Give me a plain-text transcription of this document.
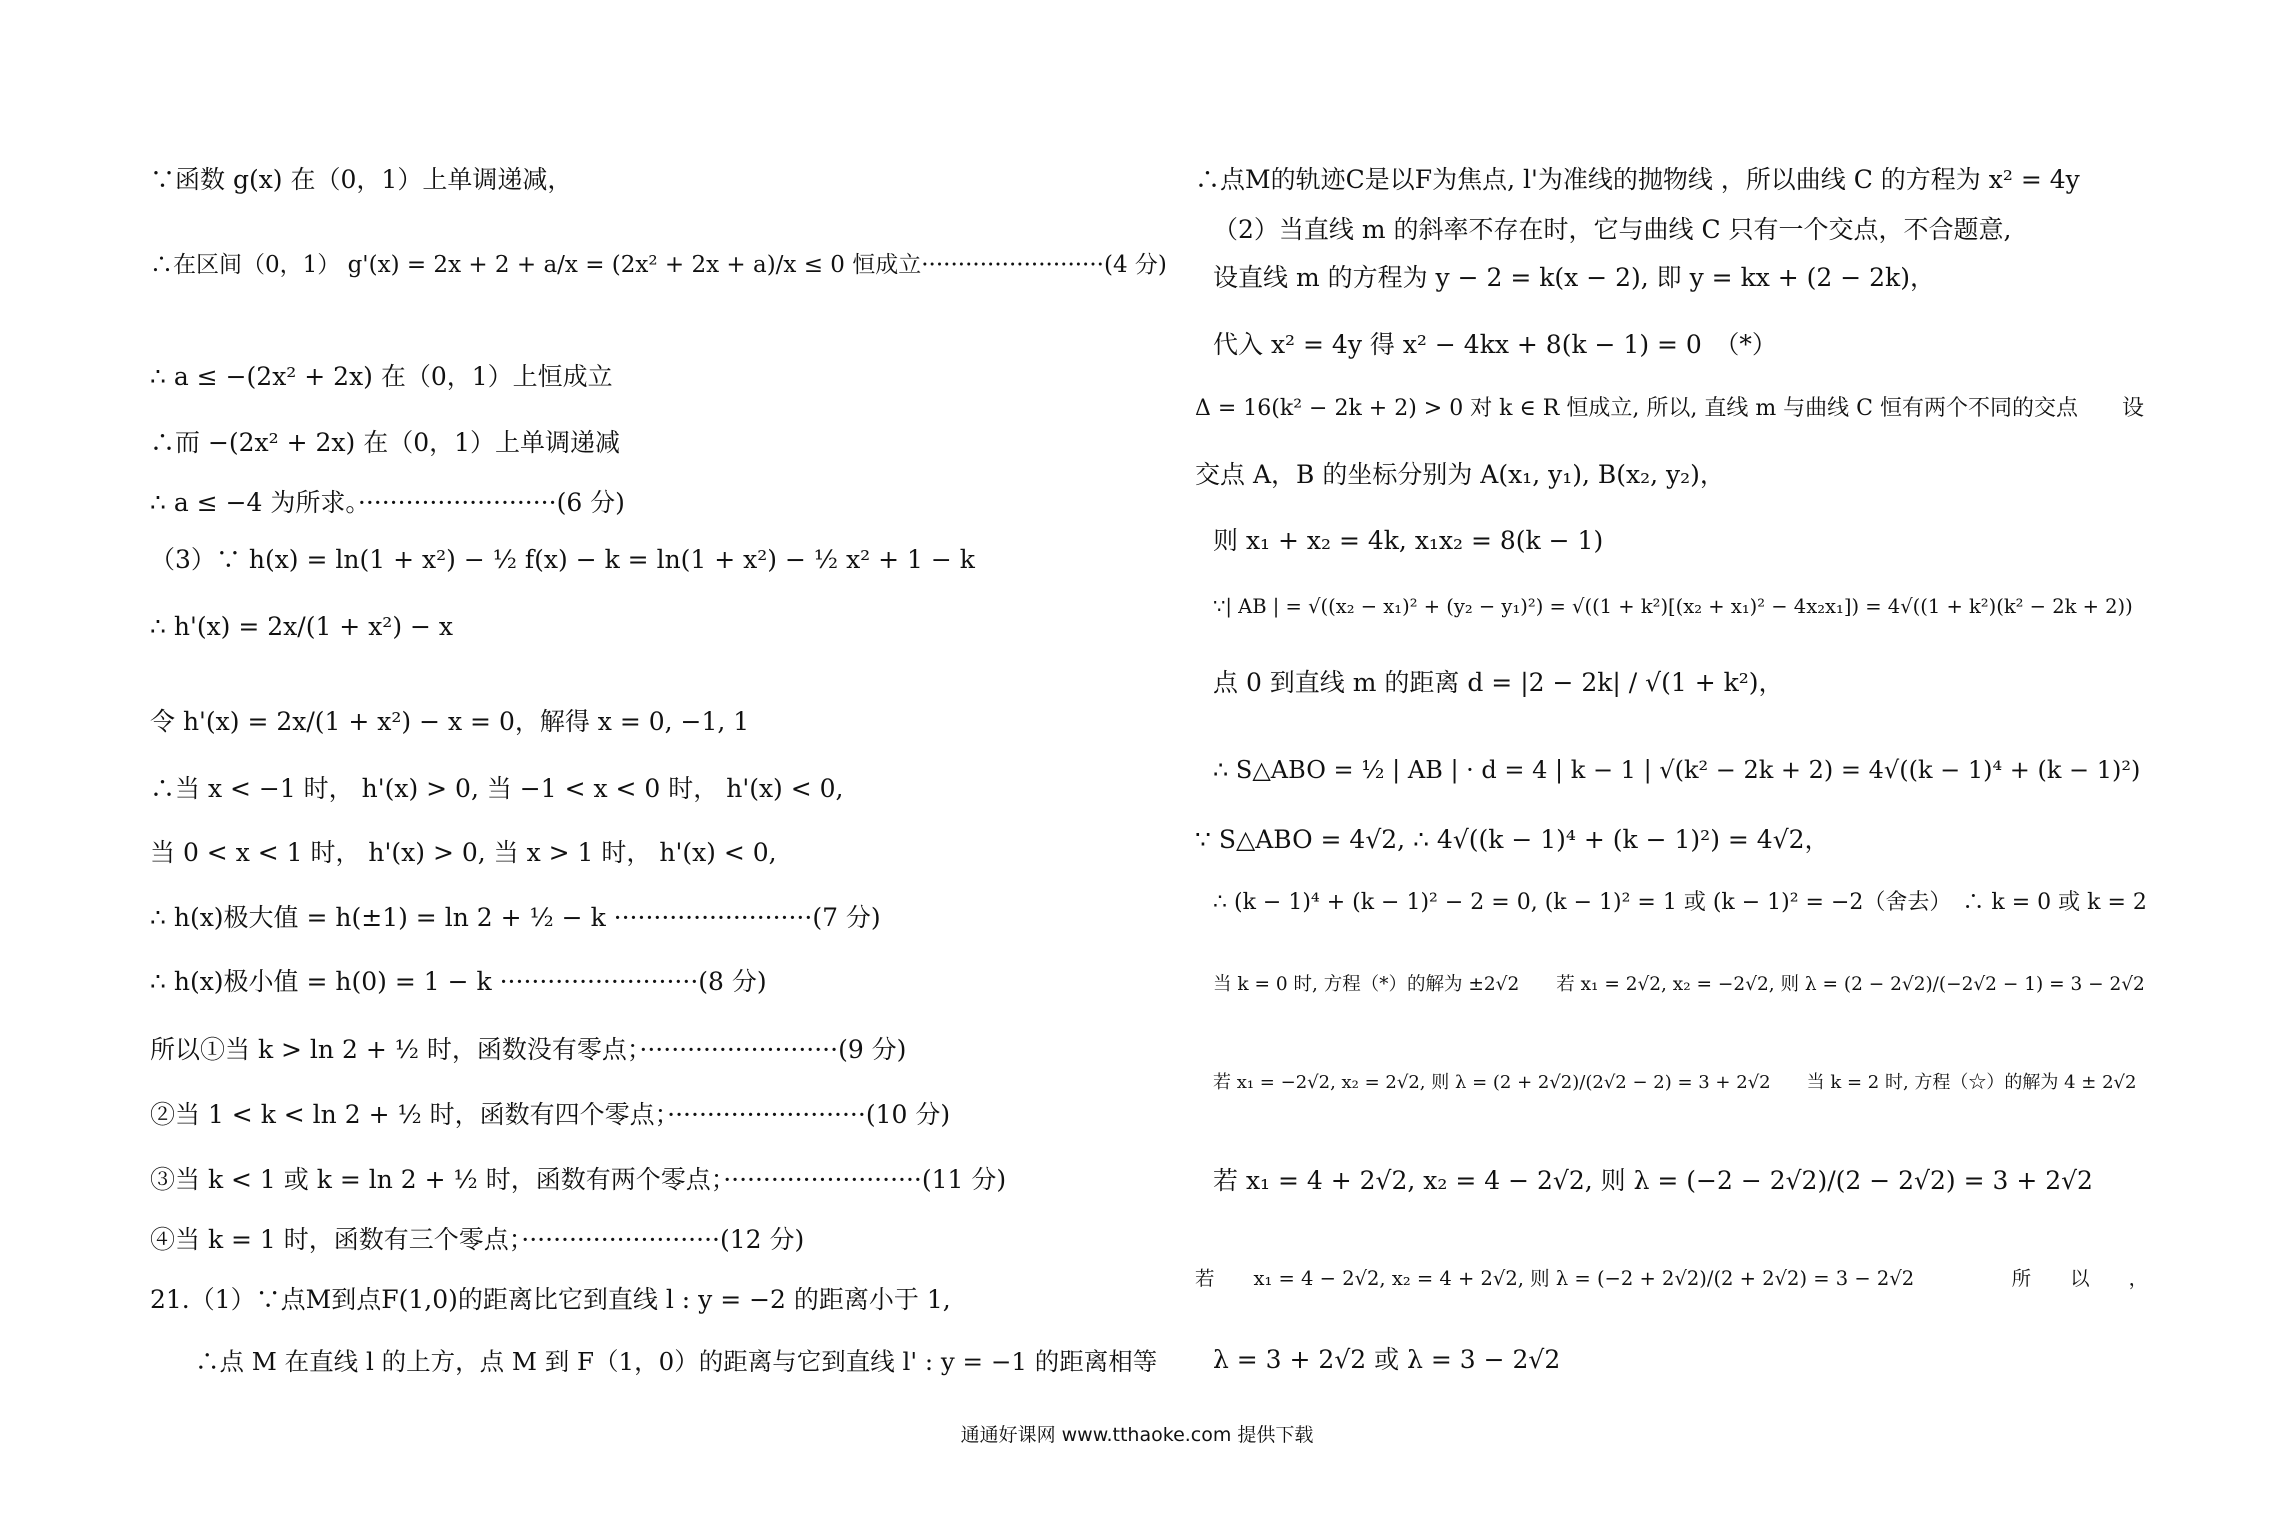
∵函数 g(x) 在（0，1）上单调递减，
∴在区间（0，1） g'(x) = 2x + 2 + a/x = (2x² + 2x + a)/x ≤ 0 恒成立·························(4 分)
∴ a ≤ −(2x² + 2x) 在（0，1）上恒成立
∴而 −(2x² + 2x) 在（0，1）上单调递减
∴ a ≤ −4 为所求。·························(6 分)
（3）∵ h(x) = ln(1 + x²) − ½ f(x) − k = ln(1 + x²) − ½ x² + 1 − k
∴ h'(x) = 2x/(1 + x²) − x
令 h'(x) = 2x/(1 + x²) − x = 0，解得 x = 0, −1, 1
∴当 x < −1 时， h'(x) > 0, 当 −1 < x < 0 时， h'(x) < 0,
当 0 < x < 1 时， h'(x) > 0, 当 x > 1 时， h'(x) < 0,
∴ h(x)极大值 = h(±1) = ln 2 + ½ − k ·························(7 分)
∴ h(x)极小值 = h(0) = 1 − k ·························(8 分)
所以①当 k > ln 2 + ½ 时，函数没有零点；·························(9 分)
②当 1 < k < ln 2 + ½ 时，函数有四个零点；·························(10 分)
③当 k < 1 或 k = ln 2 + ½ 时，函数有两个零点；·························(11 分)
④当 k = 1 时，函数有三个零点；·························(12 分)
21.（1）∵点M到点F(1,0)的距离比它到直线 l : y = −2 的距离小于 1,
∴点 M 在直线 l 的上方，点 M 到 F（1，0）的距离与它到直线 l' : y = −1 的距离相等
∴点M的轨迹C是以F为焦点, l'为准线的抛物线 ，所以曲线 C 的方程为 x² = 4y
（2）当直线 m 的斜率不存在时，它与曲线 C 只有一个交点，不合题意,
设直线 m 的方程为 y − 2 = k(x − 2), 即 y = kx + (2 − 2k)，
代入 x² = 4y 得 x² − 4kx + 8(k − 1) = 0　（*）
Δ = 16(k² − 2k + 2) > 0 对 k ∈ R 恒成立, 所以, 直线 m 与曲线 C 恒有两个不同的交点　　设
交点 A，B 的坐标分别为 A(x₁, y₁), B(x₂, y₂)，
则 x₁ + x₂ = 4k, x₁x₂ = 8(k − 1)
∵| AB | = √((x₂ − x₁)² + (y₂ − y₁)²) = √((1 + k²)[(x₂ + x₁)² − 4x₂x₁]) = 4√((1 + k²)(k² − 2k + 2))
点 0 到直线 m 的距离 d = |2 − 2k| / √(1 + k²)，
∴ S△ABO = ½ | AB | · d = 4 | k − 1 | √(k² − 2k + 2) = 4√((k − 1)⁴ + (k − 1)²)
∵ S△ABO = 4√2, ∴ 4√((k − 1)⁴ + (k − 1)²) = 4√2，
∴ (k − 1)⁴ + (k − 1)² − 2 = 0, (k − 1)² = 1 或 (k − 1)² = −2（舍去）　∴ k = 0 或 k = 2
当 k = 0 时, 方程（*）的解为 ±2√2　　若 x₁ = 2√2, x₂ = −2√2, 则 λ = (2 − 2√2)/(−2√2 − 1) = 3 − 2√2
若 x₁ = −2√2, x₂ = 2√2, 则 λ = (2 + 2√2)/(2√2 − 2) = 3 + 2√2　　当 k = 2 时, 方程（☆）的解为 4 ± 2√2
若 x₁ = 4 + 2√2, x₂ = 4 − 2√2, 则 λ = (−2 − 2√2)/(2 − 2√2) = 3 + 2√2
若　　x₁ = 4 − 2√2, x₂ = 4 + 2√2, 则 λ = (−2 + 2√2)/(2 + 2√2) = 3 − 2√2　　　　　所　　以　　，
λ = 3 + 2√2 或 λ = 3 − 2√2
通通好课网 www.tthaoke.com 提供下载
